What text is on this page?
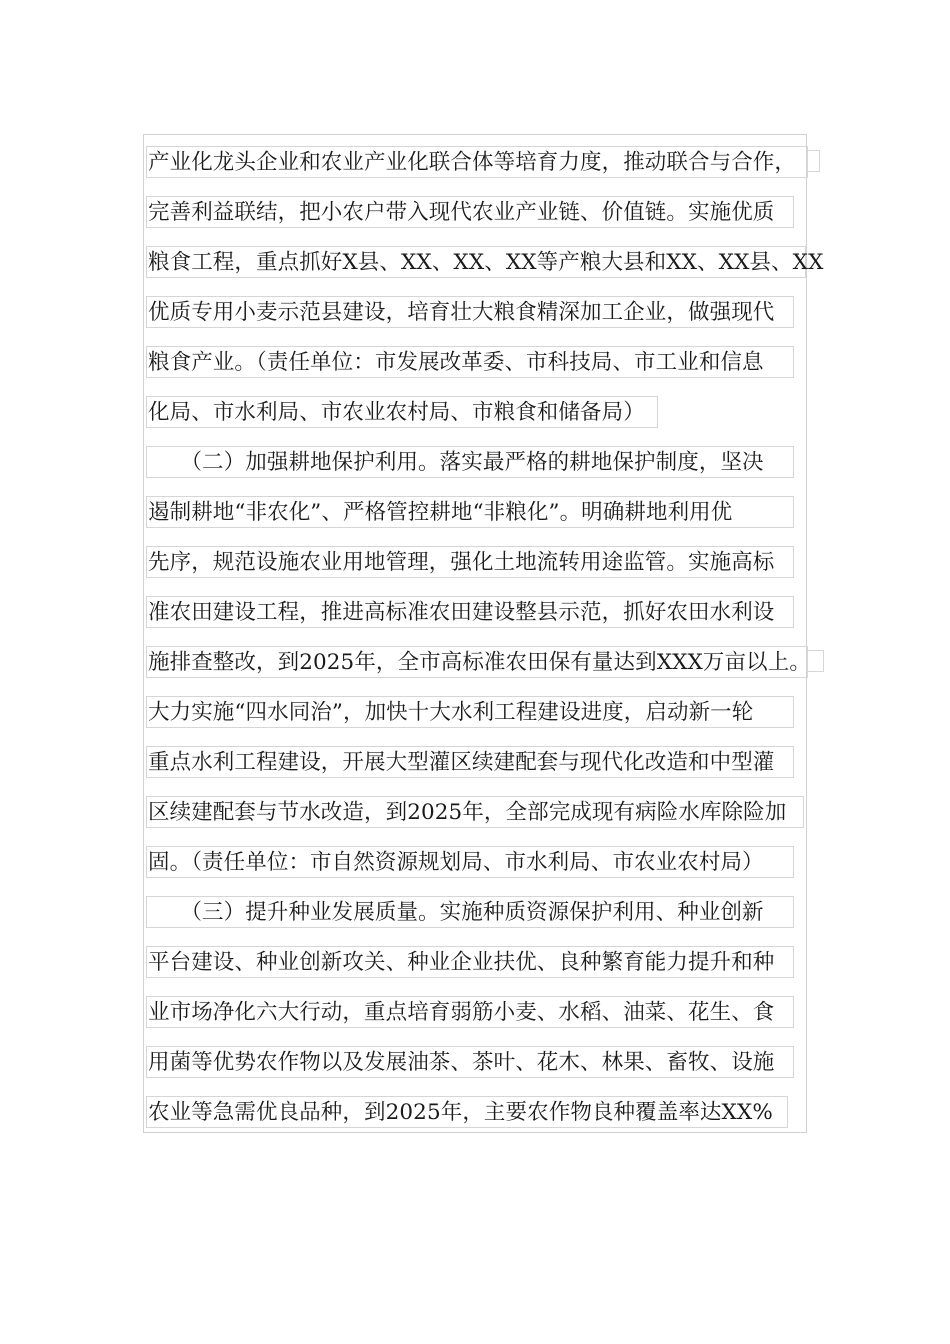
产业化龙头企业和农业产业化联合体等培育力度，推动联合与合作，
完善利益联结，把小农户带入现代农业产业链、价值链。实施优质
粮食工程，重点抓好X县、XX、XX、XX等产粮大县和XX、XX县、XX
优质专用小麦示范县建设，培育壮大粮食精深加工企业，做强现代
粮食产业。（责任单位：市发展改革委、市科技局、市工业和信息
化局、市水利局、市农业农村局、市粮食和储备局）
　　（二）加强耕地保护利用。落实最严格的耕地保护制度，坚决
遏制耕地“非农化”、严格管控耕地“非粮化”。明确耕地利用优
先序，规范设施农业用地管理，强化土地流转用途监管。实施高标
准农田建设工程，推进高标准农田建设整县示范，抓好农田水利设
施排查整改，到2025年，全市高标准农田保有量达到XXX万亩以上。
大力实施“四水同治”，加快十大水利工程建设进度，启动新一轮
重点水利工程建设，开展大型灌区续建配套与现代化改造和中型灌
区续建配套与节水改造，到2025年，全部完成现有病险水库除险加
固。（责任单位：市自然资源规划局、市水利局、市农业农村局）
　　（三）提升种业发展质量。实施种质资源保护利用、种业创新
平台建设、种业创新攻关、种业企业扶优、良种繁育能力提升和种
业市场净化六大行动，重点培育弱筋小麦、水稻、油菜、花生、食
用菌等优势农作物以及发展油茶、茶叶、花木、林果、畜牧、设施
农业等急需优良品种，到2025年，主要农作物良种覆盖率达XX%
